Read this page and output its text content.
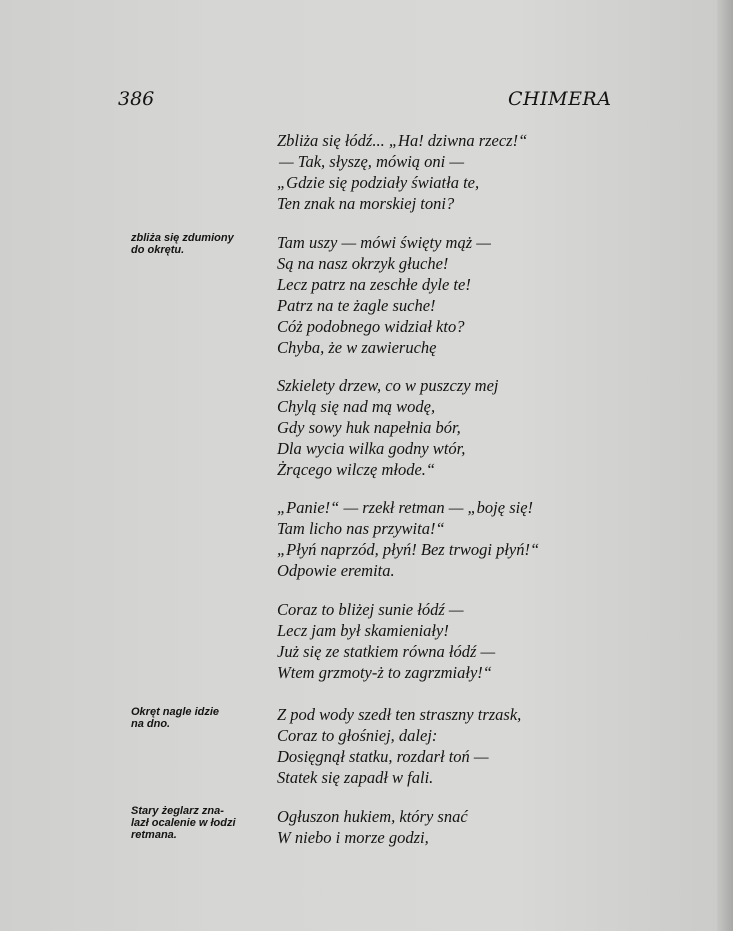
386	CHIMERA
Zbliża się łódź... „Ha! dziwna rzecz!“
— Tak, słyszę, mówią oni —
„Gdzie się podziały światła te,
Ten znak na morskiej toni?
Tam uszy — mówi święty mąż —
Są na nasz okrzyk głuche!
Lecz patrz na zeschłe dyle te!
Patrz na te żagle suche!
Cóż podobnego widział kto?
Chyba, że w zawieruchę
Szkielety drzew, co w puszczy mej
Chylą się nad mą wodę,
Gdy sowy huk napełnia bór,
Dla wycia wilka godny wtór,
Żrącego wilczę młode.“
„Panie!“ — rzekł retman — „boję się!
Tam licho nas przywita!“
„Płyń naprzód, płyń! Bez trwogi płyń!“
Odpowie eremita.
Coraz to bliżej sunie łódź —
Lecz jam był skamieniały!
Już się ze statkiem równa łódź —
Wtem grzmoty-ż to zagrzmiały!“
Z pod wody szedł ten straszny trzask,
Coraz to głośniej, dalej:
Dosięgnął statku, rozdarł toń —
Statek się zapadł w fali.
Ogłuszon hukiem, który snać
W niebo i morze godzi,
zbliża się zdumiony
do okrętu.
Okręt nagle idzie
na dno.
Stary żeglarz zna-
lazł ocalenie w łodzi
retmana.
